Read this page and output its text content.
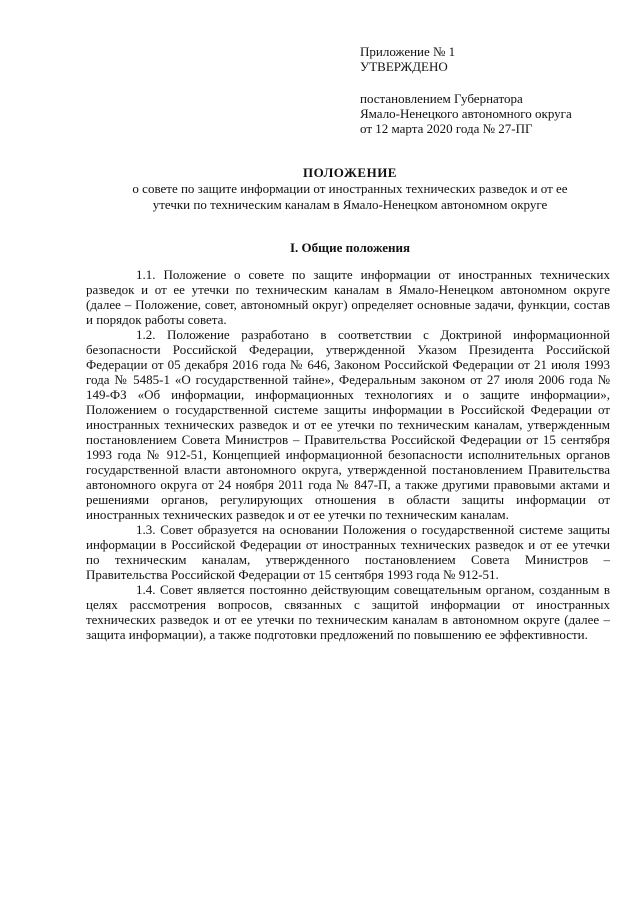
Приложение № 1
УТВЕРЖДЕНО
постановлением Губернатора
Ямало-Ненецкого автономного округа
от 12 марта 2020 года № 27-ПГ
ПОЛОЖЕНИЕ
о совете по защите информации от иностранных технических разведок и от ее
утечки по техническим каналам в Ямало-Ненецком автономном округе
I. Общие положения

1.1. Положение о совете по защите информации от иностранных технических разведок и от ее утечки по техническим каналам в Ямало-Ненецком автономном округе (далее – Положение, совет, автономный округ) определяет основные задачи, функции, состав и порядок работы совета.

1.2. Положение разработано в соответствии с Доктриной информационной безопасности Российской Федерации, утвержденной Указом Президента Российской Федерации от 05 декабря 2016 года № 646, Законом Российской Федерации от 21 июля 1993 года № 5485-1 «О государственной тайне», Федеральным законом от 27 июля 2006 года № 149-ФЗ «Об информации, информационных технологиях и о защите информации», Положением о государственной системе защиты информации в Российской Федерации от иностранных технических разведок и от ее утечки по техническим каналам, утвержденным постановлением Совета Министров – Правительства Российской Федерации от 15 сентября 1993 года № 912-51, Концепцией информационной безопасности исполнительных органов государственной власти автономного округа, утвержденной постановлением Правительства автономного округа от 24 ноября 2011 года № 847-П, а также другими правовыми актами и решениями органов, регулирующих отношения в области защиты информации от иностранных технических разведок и от ее утечки по техническим каналам.

1.3. Совет образуется на основании Положения о государственной системе защиты информации в Российской Федерации от иностранных технических разведок и от ее утечки по техническим каналам, утвержденного постановлением Совета Министров – Правительства Российской Федерации от 15 сентября 1993 года № 912-51.

1.4. Совет является постоянно действующим совещательным органом, созданным в целях рассмотрения вопросов, связанных с защитой информации от иностранных технических разведок и от ее утечки по техническим каналам в автономном округе (далее – защита информации), а также подготовки предложений по повышению ее эффективности.
